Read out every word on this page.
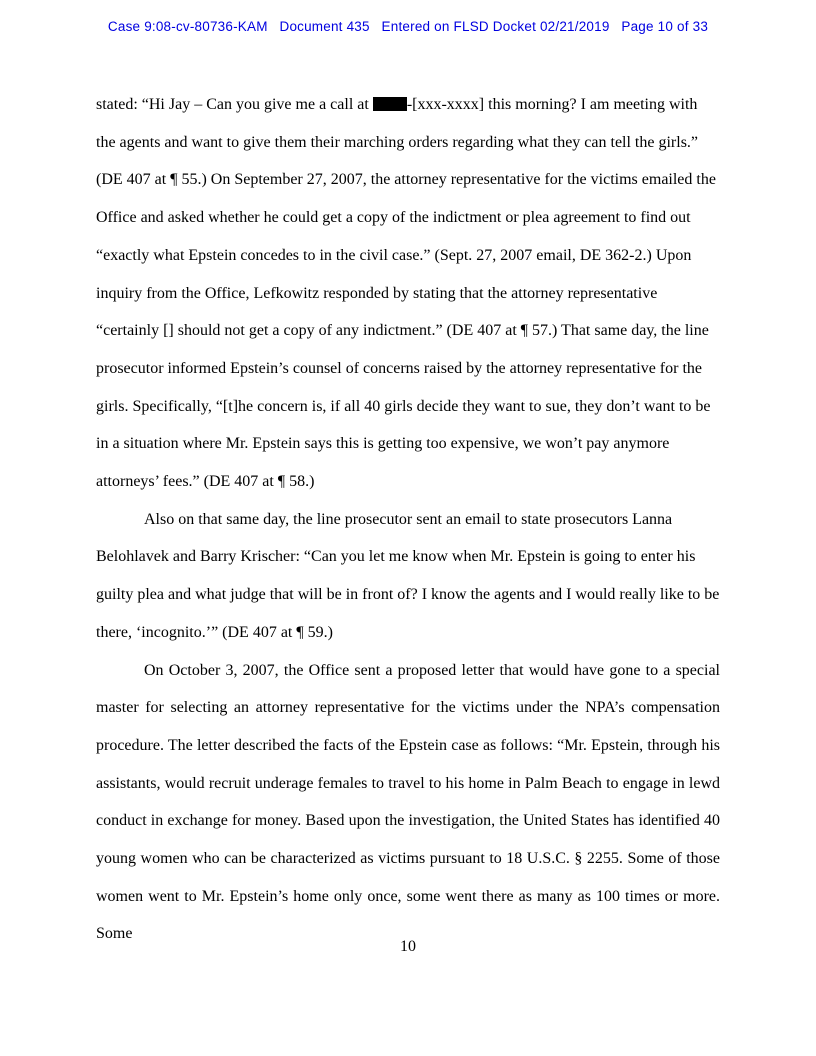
Case 9:08-cv-80736-KAM   Document 435   Entered on FLSD Docket 02/21/2019   Page 10 of 33

stated: “Hi Jay – Can you give me a call at -[xxx-xxxx] this morning? I am meeting with the agents and want to give them their marching orders regarding what they can tell the girls.” (DE 407 at ¶ 55.) On September 27, 2007, the attorney representative for the victims emailed the Office and asked whether he could get a copy of the indictment or plea agreement to find out “exactly what Epstein concedes to in the civil case.” (Sept. 27, 2007 email, DE 362-2.) Upon inquiry from the Office, Lefkowitz responded by stating that the attorney representative “certainly [] should not get a copy of any indictment.” (DE 407 at ¶ 57.) That same day, the line prosecutor informed Epstein’s counsel of concerns raised by the attorney representative for the girls. Specifically, “[t]he concern is, if all 40 girls decide they want to sue, they don’t want to be in a situation where Mr. Epstein says this is getting too expensive, we won’t pay anymore attorneys’ fees.” (DE 407 at ¶ 58.)

Also on that same day, the line prosecutor sent an email to state prosecutors Lanna Belohlavek and Barry Krischer: “Can you let me know when Mr. Epstein is going to enter his guilty plea and what judge that will be in front of? I know the agents and I would really like to be there, ‘incognito.’” (DE 407 at ¶ 59.)

On October 3, 2007, the Office sent a proposed letter that would have gone to a special master for selecting an attorney representative for the victims under the NPA’s compensation procedure. The letter described the facts of the Epstein case as follows: “Mr. Epstein, through his assistants, would recruit underage females to travel to his home in Palm Beach to engage in lewd conduct in exchange for money. Based upon the investigation, the United States has identified 40 young women who can be characterized as victims pursuant to 18 U.S.C. § 2255. Some of those women went to Mr. Epstein’s home only once, some went there as many as 100 times or more. Some

10
